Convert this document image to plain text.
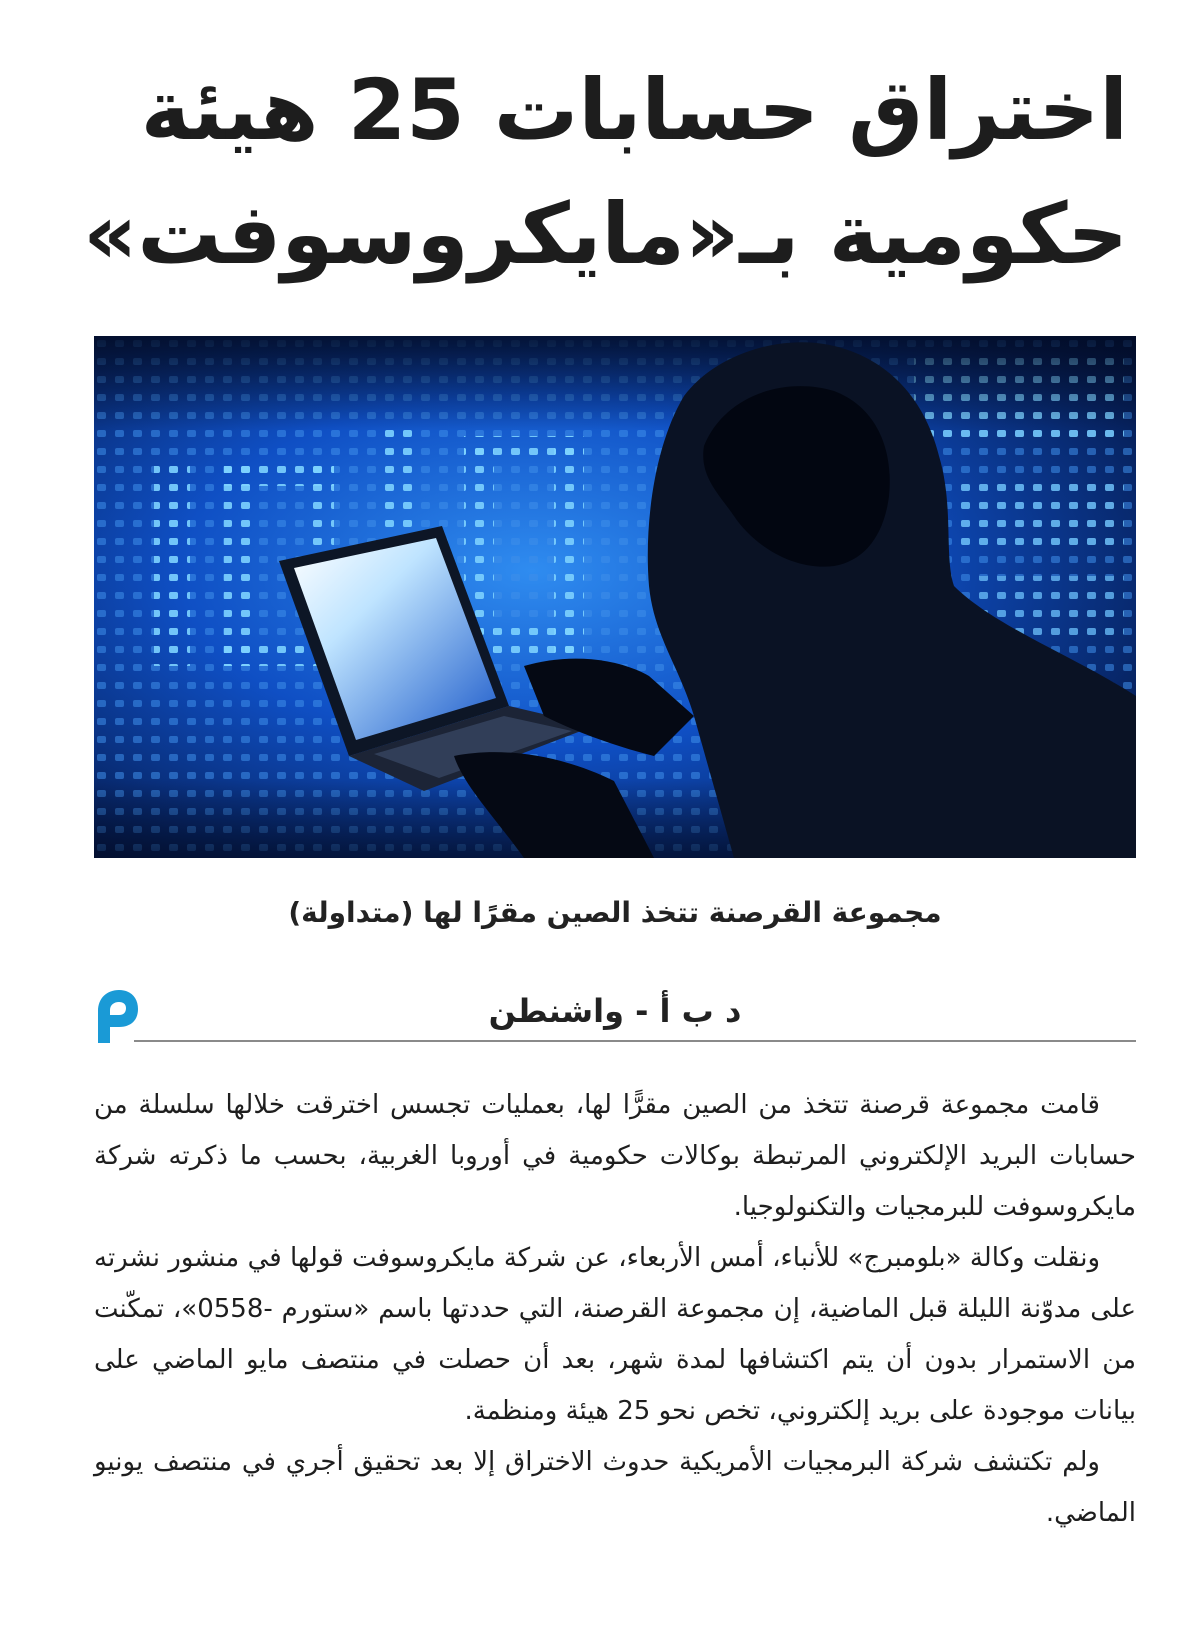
اختراق حسابات 25 هيئة
حكومية بـ«مايكروسوفت»

مجموعة القرصنة تتخذ الصين مقرًا لها (متداولة)

د ب أ - واشنطن

قامت مجموعة قرصنة تتخذ من الصين مقرًّا لها، بعمليات تجسس اخترقت خلالها سلسلة من حسابات البريد الإلكتروني المرتبطة بوكالات حكومية في أوروبا الغربية، بحسب ما ذكرته شركة مايكروسوفت للبرمجيات والتكنولوجيا.

ونقلت وكالة «بلومبرج» للأنباء، أمس الأربعاء، عن شركة مايكروسوفت قولها في منشور نشرته على مدوّنة الليلة قبل الماضية، إن مجموعة القرصنة، التي حددتها باسم «ستورم -0558»، تمكّنت من الاستمرار بدون أن يتم اكتشافها لمدة شهر، بعد أن حصلت في منتصف مايو الماضي على بيانات موجودة على بريد إلكتروني، تخص نحو 25 هيئة ومنظمة.

ولم تكتشف شركة البرمجيات الأمريكية حدوث الاختراق إلا بعد تحقيق أجري في منتصف يونيو الماضي.
